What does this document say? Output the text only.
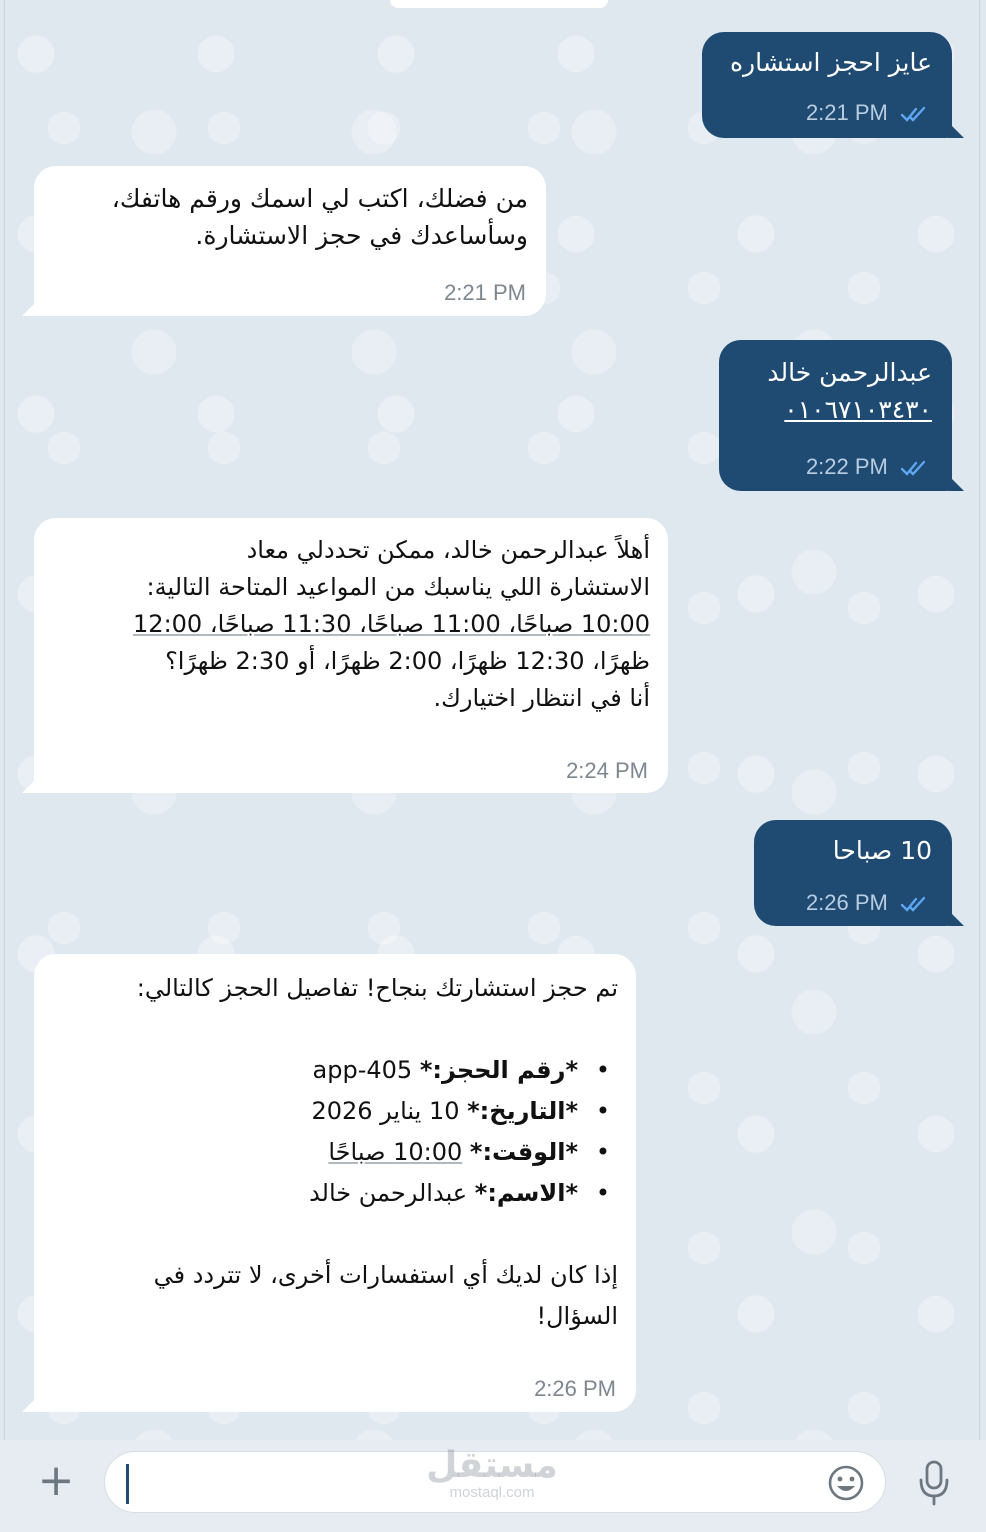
عايز احجز استشاره
2:21 PM
من فضلك، اكتب لي اسمك ورقم هاتفك،
وسأساعدك في حجز الاستشارة.
2:21 PM
عبدالرحمن خالد
٠١٠٦٧١٠٣٤٣٠
2:22 PM
أهلاً عبدالرحمن خالد، ممكن تحددلي معاد
الاستشارة اللي يناسبك من المواعيد المتاحة التالية:
10:00 صباحًا، 11:00 صباحًا، 11:30 صباحًا، 12:00
ظهرًا، 12:30 ظهرًا، 2:00 ظهرًا، أو 2:30 ظهرًا؟
أنا في انتظار اختيارك.
2:24 PM
10 صباحا
2:26 PM
تم حجز استشارتك بنجاح! تفاصيل الحجز كالتالي:
• *رقم الحجز:* app-405
• *التاريخ:* 10 يناير 2026
• *الوقت:* 10:00 صباحًا
• *الاسم:* عبدالرحمن خالد
إذا كان لديك أي استفسارات أخرى، لا تتردد في
السؤال!
2:26 PM
+	مستقل
mostaql.com
